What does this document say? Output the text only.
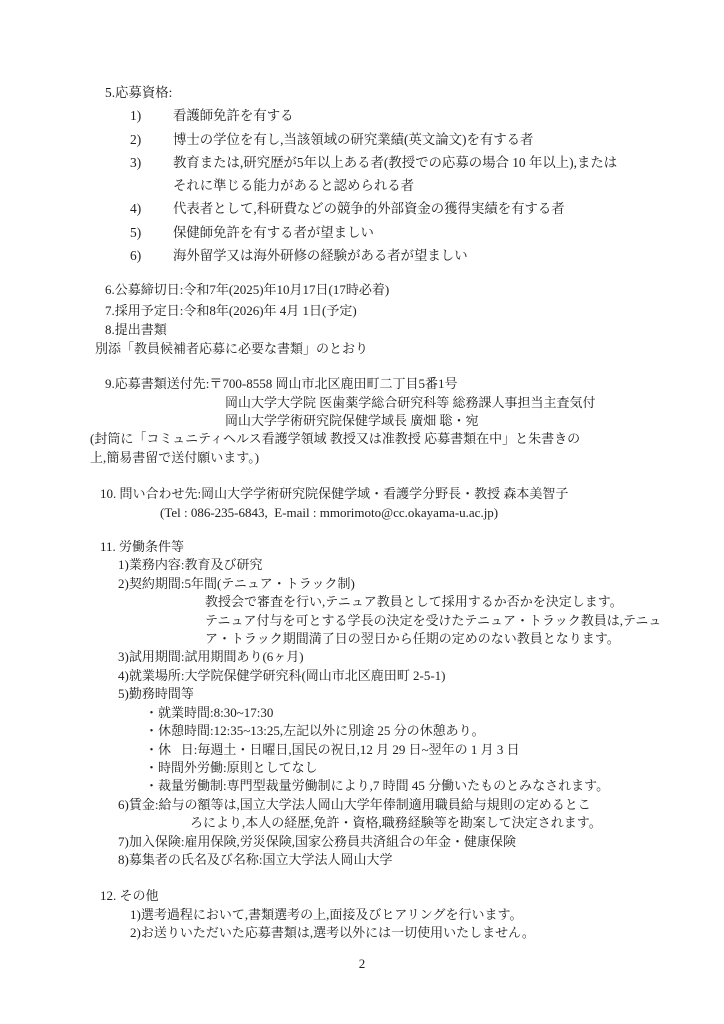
5.応募資格:
1)	看護師免許を有する
2)	博士の学位を有し,当該領域の研究業績(英文論文)を有する者
3)	教育または,研究歴が5年以上ある者(教授での応募の場合 10 年以上),または
それに準じる能力があると認められる者
4)	代表者として,科研費などの競争的外部資金の獲得実績を有する者
5)	保健師免許を有する者が望ましい
6)	海外留学又は海外研修の経験がある者が望ましい
6.公募締切日:令和7年(2025)年10月17日(17時必着)
7.採用予定日:令和8年(2026)年 4月 1日(予定)
8.提出書類
別添「教員候補者応募に必要な書類」のとおり
9.応募書類送付先:〒700-8558 岡山市北区鹿田町二丁目5番1号
岡山大学大学院 医歯薬学総合研究科等 総務課人事担当主査気付
岡山大学学術研究院保健学域長 廣畑 聡・宛
(封筒に「コミュニティヘルス看護学領域 教授又は准教授 応募書類在中」と朱書きの
上,簡易書留で送付願います。)
10. 問い合わせ先:岡山大学学術研究院保健学域・看護学分野長・教授 森本美智子
(Tel : 086-235-6843,  E-mail : mmorimoto@cc.okayama-u.ac.jp)
11. 労働条件等
1)業務内容:教育及び研究
2)契約期間:5年間(テニュア・トラック制)
教授会で審査を行い,テニュア教員として採用するか否かを決定します。
テニュア付与を可とする学長の決定を受けたテニュア・トラック教員は,テニュ
ア・トラック期間満了日の翌日から任期の定めのない教員となります。
3)試用期間:試用期間あり(6ヶ月)
4)就業場所:大学院保健学研究科(岡山市北区鹿田町 2-5-1)
5)勤務時間等
・就業時間:8:30~17:30
・休憩時間:12:35~13:25,左記以外に別途 25 分の休憩あり。
・休   日:毎週土・日曜日,国民の祝日,12 月 29 日~翌年の 1 月 3 日
・時間外労働:原則としてなし
・裁量労働制:専門型裁量労働制により,7 時間 45 分働いたものとみなされます。
6)賃金:給与の額等は,国立大学法人岡山大学年俸制適用職員給与規則の定めるとこ
ろにより,本人の経歴,免許・資格,職務経験等を勘案して決定されます。
7)加入保険:雇用保険,労災保険,国家公務員共済組合の年金・健康保険
8)募集者の氏名及び名称:国立大学法人岡山大学
12. その他
1)選考過程において,書類選考の上,面接及びヒアリングを行います。
2)お送りいただいた応募書類は,選考以外には一切使用いたしません。
2
